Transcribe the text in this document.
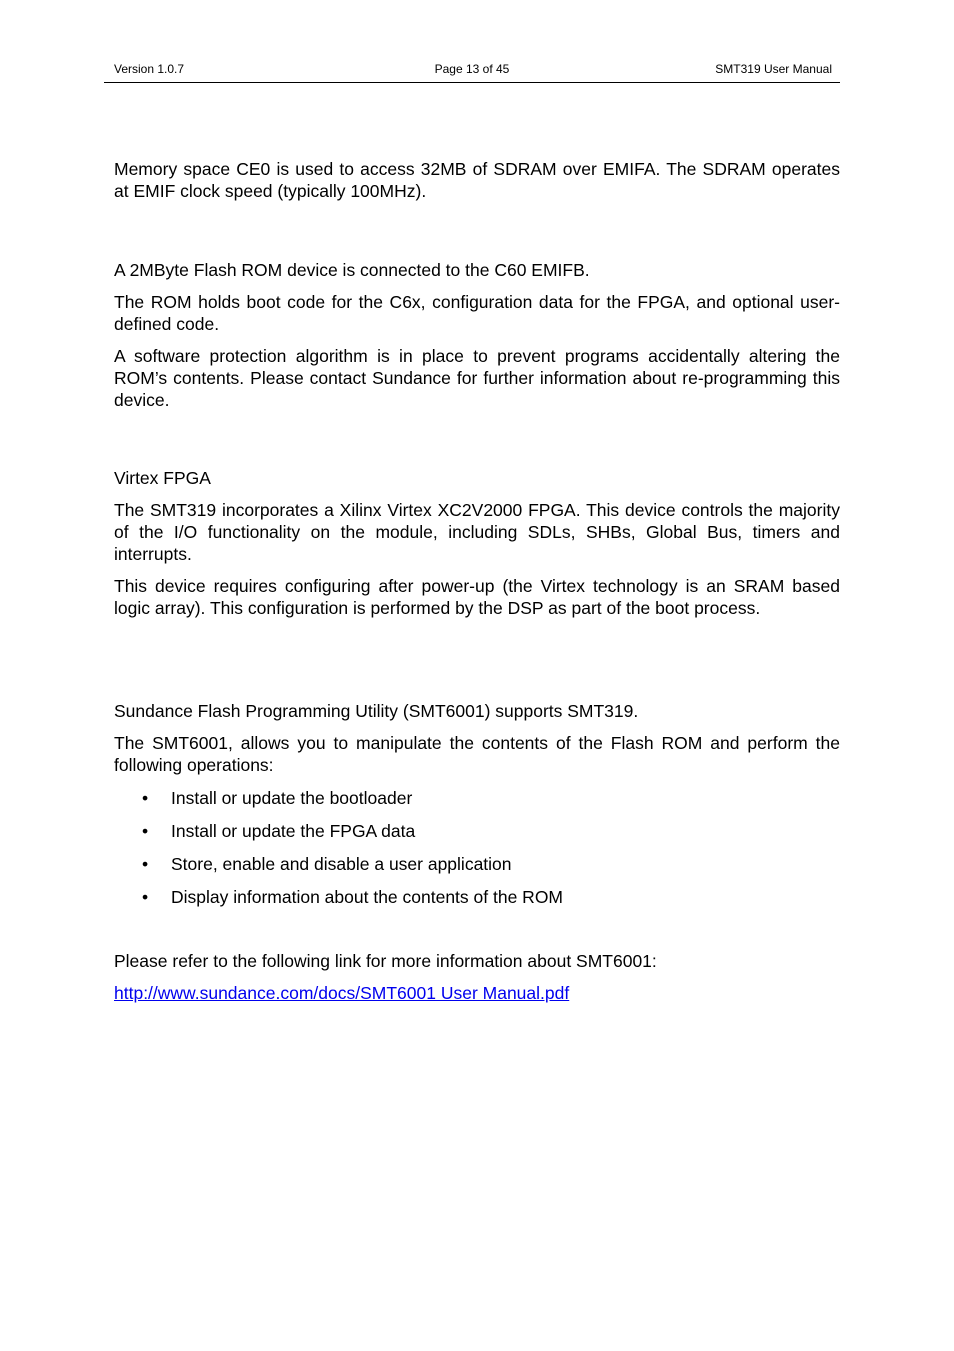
Version 1.0.7	Page 13 of 45	SMT319 User Manual

Memory space CE0 is used to access 32MB of SDRAM over EMIFA. The SDRAM operates at EMIF clock speed (typically 100MHz).

A 2MByte Flash ROM device is connected to the C60 EMIFB.

The ROM holds boot code for the C6x, configuration data for the FPGA, and optional user-defined code.

A software protection algorithm is in place to prevent programs accidentally altering the ROM’s contents. Please contact Sundance for further information about re-programming this device.

Virtex FPGA

The SMT319 incorporates a Xilinx Virtex XC2V2000 FPGA. This device controls the majority of the I/O functionality on the module, including SDLs, SHBs, Global Bus, timers and interrupts.

This device requires configuring after power-up (the Virtex technology is an SRAM based logic array). This configuration is performed by the DSP as part of the boot process.

Sundance Flash Programming Utility (SMT6001) supports SMT319.

The SMT6001, allows you to manipulate the contents of the Flash ROM and perform the following operations:

• Install or update the bootloader
• Install or update the FPGA data
• Store, enable and disable a user application
• Display information about the contents of the ROM

Please refer to the following link for more information about SMT6001:

http://www.sundance.com/docs/SMT6001 User Manual.pdf
